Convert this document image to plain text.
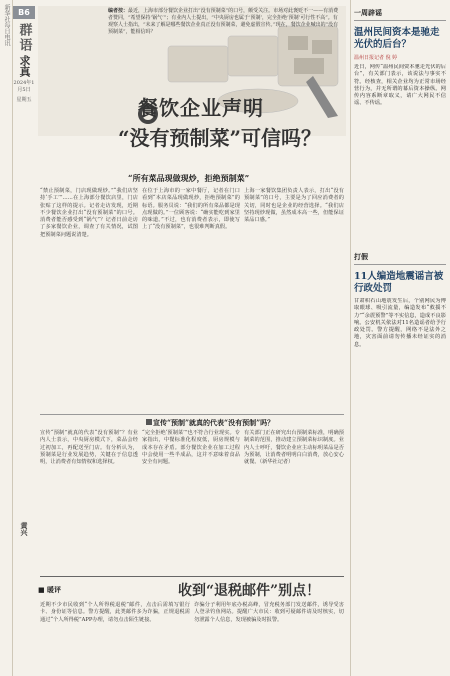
新华社每日电讯	B6
群语
求真
2024年1月5日
星期五
黄兴
编者按：最近，上海市部分餐饮企业打出“没有预制菜”的口号，颇受关注。市场对此褒贬不一——有消费者赞同，“希望保持‘锅气’”；有业内人士提出，“中央厨房也属于‘预制’，完全拒绝‘预制’可行性不高”。有观察人士指出，“未来了解是哪些餐饮企业真正没有预制菜，避免虚假宣传。”现在，餐饮企业喊出的“没有预制菜”，能相信吗？
餐饮企业声明
“没有预制菜”可信吗？
“所有菜品现做现炒，拒绝预制菜”
“禁止预制菜，门店现做现炒。”“我们店坚持‘手工’”……在上海部分餐饮店里，门店张贴了这样的提示。记者走访发现，近期不少餐饮企业打出“没有预制菜”的口号。消费者能否感受到“锅气”？记者日前走访了多家餐饮企业，调查了有关情况，试图把预制菜问题说清楚。
在位于上海市的一家中餐厅，记者在门口看到“本店菜品现做现炒，拒绝预制菜”的标语。服务员说：“我们的所有菜品都是现点现做的。”一位顾客说：“确实能吃到家里的味道。”不过，也有消费者表示，即使写上了“没有预制菜”，也很难判断真假。
上海一家餐饮集团负责人表示，打出“没有预制菜”的口号，主要是为了回应消费者的关切，同时也是企业的经营选择。“我们店坚持现炒现做，虽然成本高一些，但能保证菜品口感。”
宣传“预制”就真的代表“没有预制”吗？
宣传“预制”就真的代表“没有预制”？有业内人士表示，中央厨房模式下，菜品会经过初加工，再配送至门店。有分析认为，预制菜是行业发展趋势，关键在于信息透明，让消费者有知情权和选择权。
“完全拒绝‘预制菜’”也不符合行业现实。专家指出，中餐标准化程度低，厨房规模与成本存在矛盾。部分餐饮企业在加工过程中会使用一些半成品，这并不意味着食品安全有问题。
有关部门正在研究出台预制菜标准，明确预制菜的范围，推动建立预制菜标识制度。业内人士呼吁，餐饮企业应主动标明菜品是否为预制，让消费者明明白白消费，放心安心就餐。（新华社记者）
■ 暖评	收到“退税邮件”别点！
近期不少市民收到“个人所得税退税”邮件，点击后需填写银行卡、身份证等信息。警方提醒，此类邮件多为诈骗，正规退税需通过“个人所得税”APP办理，请勿点击陌生链接。
诈骗分子利用年底办税高峰，冒充税务部门发送邮件，诱导受害人登录钓鱼网站。提醒广大市民：收到可疑邮件请及时核实，切勿泄露个人信息，发现被骗及时报警。
一周辟谣
温州民间资本是驰走光伏的后台？
温州日报记者 倪 婷
近日，网传“温州民间资本驰走光伏的后台”，有关部门表示，该说法与事实不符。经核查，相关企业均为正常市场经营行为，并无所谓的幕后资本操纵。网传内容系断章取义，请广大网民不信谣、不传谣。
打假
11人编造地震谣言被行政处罚
甘肃积石山地震发生后，个别网民为博取眼球、吸引流量，编造发布“救援不力”“余震预警”等不实信息，造成不良影响。公安机关依法对11名造谣者给予行政处罚。警方提醒，网络不是法外之地，灾害面前请勿传播未经证实的消息。
